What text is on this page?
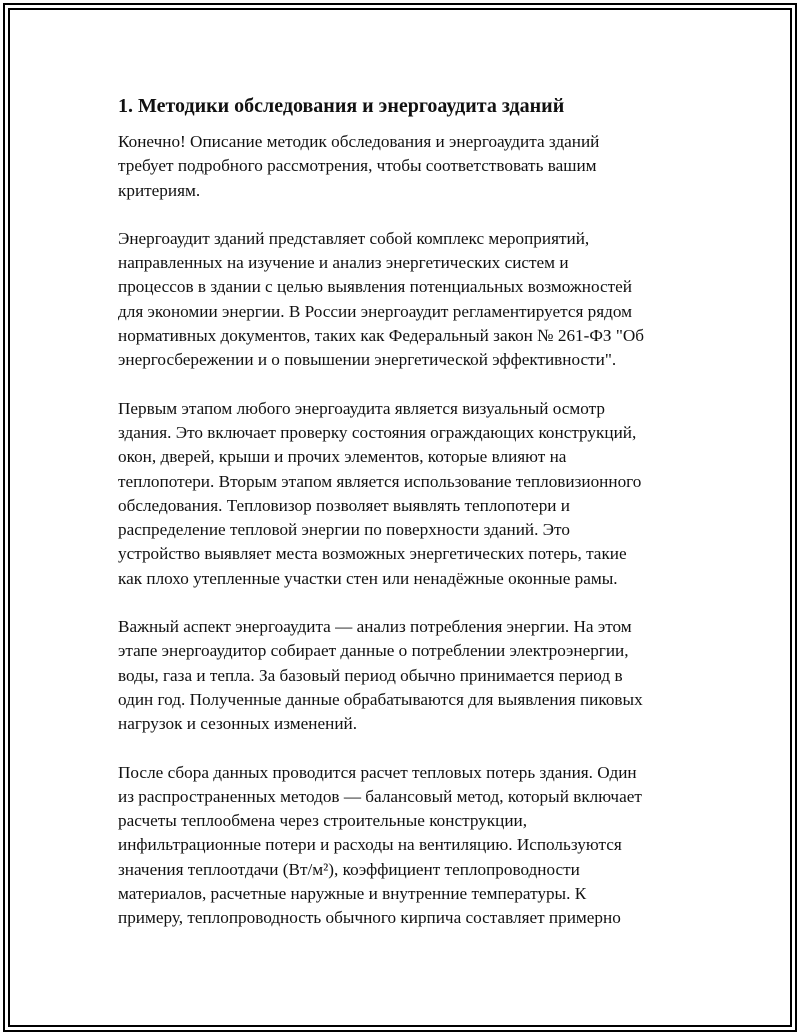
1. Методики обследования и энергоаудита зданий
Конечно! Описание методик обследования и энергоаудита зданий
требует подробного рассмотрения, чтобы соответствовать вашим
критериям.
Энергоаудит зданий представляет собой комплекс мероприятий,
направленных на изучение и анализ энергетических систем и
процессов в здании с целью выявления потенциальных возможностей
для экономии энергии. В России энергоаудит регламентируется рядом
нормативных документов, таких как Федеральный закон № 261-ФЗ "Об
энергосбережении и о повышении энергетической эффективности".
Первым этапом любого энергоаудита является визуальный осмотр
здания. Это включает проверку состояния ограждающих конструкций,
окон, дверей, крыши и прочих элементов, которые влияют на
теплопотери. Вторым этапом является использование тепловизионного
обследования. Тепловизор позволяет выявлять теплопотери и
распределение тепловой энергии по поверхности зданий. Это
устройство выявляет места возможных энергетических потерь, такие
как плохо утепленные участки стен или ненадёжные оконные рамы.
Важный аспект энергоаудита — анализ потребления энергии. На этом
этапе энергоаудитор собирает данные о потреблении электроэнергии,
воды, газа и тепла. За базовый период обычно принимается период в
один год. Полученные данные обрабатываются для выявления пиковых
нагрузок и сезонных изменений.
После сбора данных проводится расчет тепловых потерь здания. Один
из распространенных методов — балансовый метод, который включает
расчеты теплообмена через строительные конструкции,
инфильтрационные потери и расходы на вентиляцию. Используются
значения теплоотдачи (Вт/м²), коэффициент теплопроводности
материалов, расчетные наружные и внутренние температуры. К
примеру, теплопроводность обычного кирпича составляет примерно
